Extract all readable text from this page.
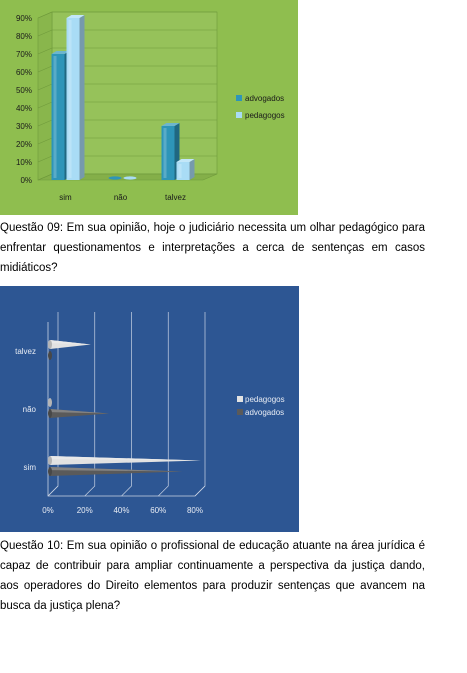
0%
10%
20%
30%
40%
50%
60%
70%
80%
90%
sim	não	talvez
advogados
pedagogos

Questão 09: Em sua opinião, hoje o judiciário necessita um olhar pedagógico para enfrentar questionamentos e interpretações a cerca de sentenças em casos midiáticos?

0%	20%	40%	60%	80%
sim
não
talvez
pedagogos
advogados

Questão 10: Em sua opinião o profissional de educação atuante na área jurídica é capaz de contribuir para ampliar continuamente a perspectiva da justiça dando, aos operadores do Direito elementos para produzir sentenças que avancem na busca da justiça plena?
